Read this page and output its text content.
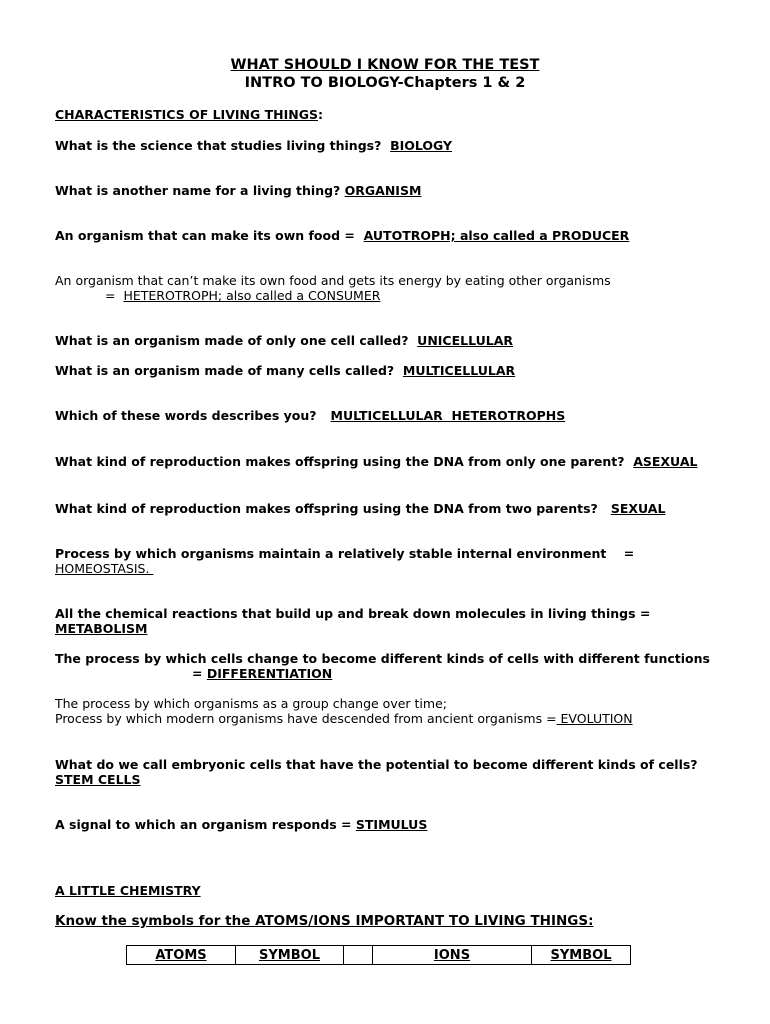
WHAT SHOULD I KNOW FOR THE TEST
INTRO TO BIOLOGY-Chapters 1 & 2
CHARACTERISTICS OF LIVING THINGS:
What is the science that studies living things? BIOLOGY
What is another name for a living thing? ORGANISM
An organism that can make its own food = AUTOTROPH; also called a PRODUCER
An organism that can’t make its own food and gets its energy by eating other organisms
= HETEROTROPH; also called a CONSUMER
What is an organism made of only one cell called? UNICELLULAR
What is an organism made of many cells called? MULTICELLULAR
Which of these words describes you? MULTICELLULAR  HETEROTROPHS
What kind of reproduction makes offspring using the DNA from only one parent? ASEXUAL
What kind of reproduction makes offspring using the DNA from two parents? SEXUAL
Process by which organisms maintain a relatively stable internal environment    =
HOMEOSTASIS.
All the chemical reactions that build up and break down molecules in living things =
METABOLISM
The process by which cells change to become different kinds of cells with different functions
= DIFFERENTIATION
The process by which organisms as a group change over time;
Process by which modern organisms have descended from ancient organisms = EVOLUTION
What do we call embryonic cells that have the potential to become different kinds of cells?
STEM CELLS
A signal to which an organism responds = STIMULUS
A LITTLE CHEMISTRY
Know the symbols for the ATOMS/IONS IMPORTANT TO LIVING THINGS:
ATOMS	SYMBOL		IONS	SYMBOL
